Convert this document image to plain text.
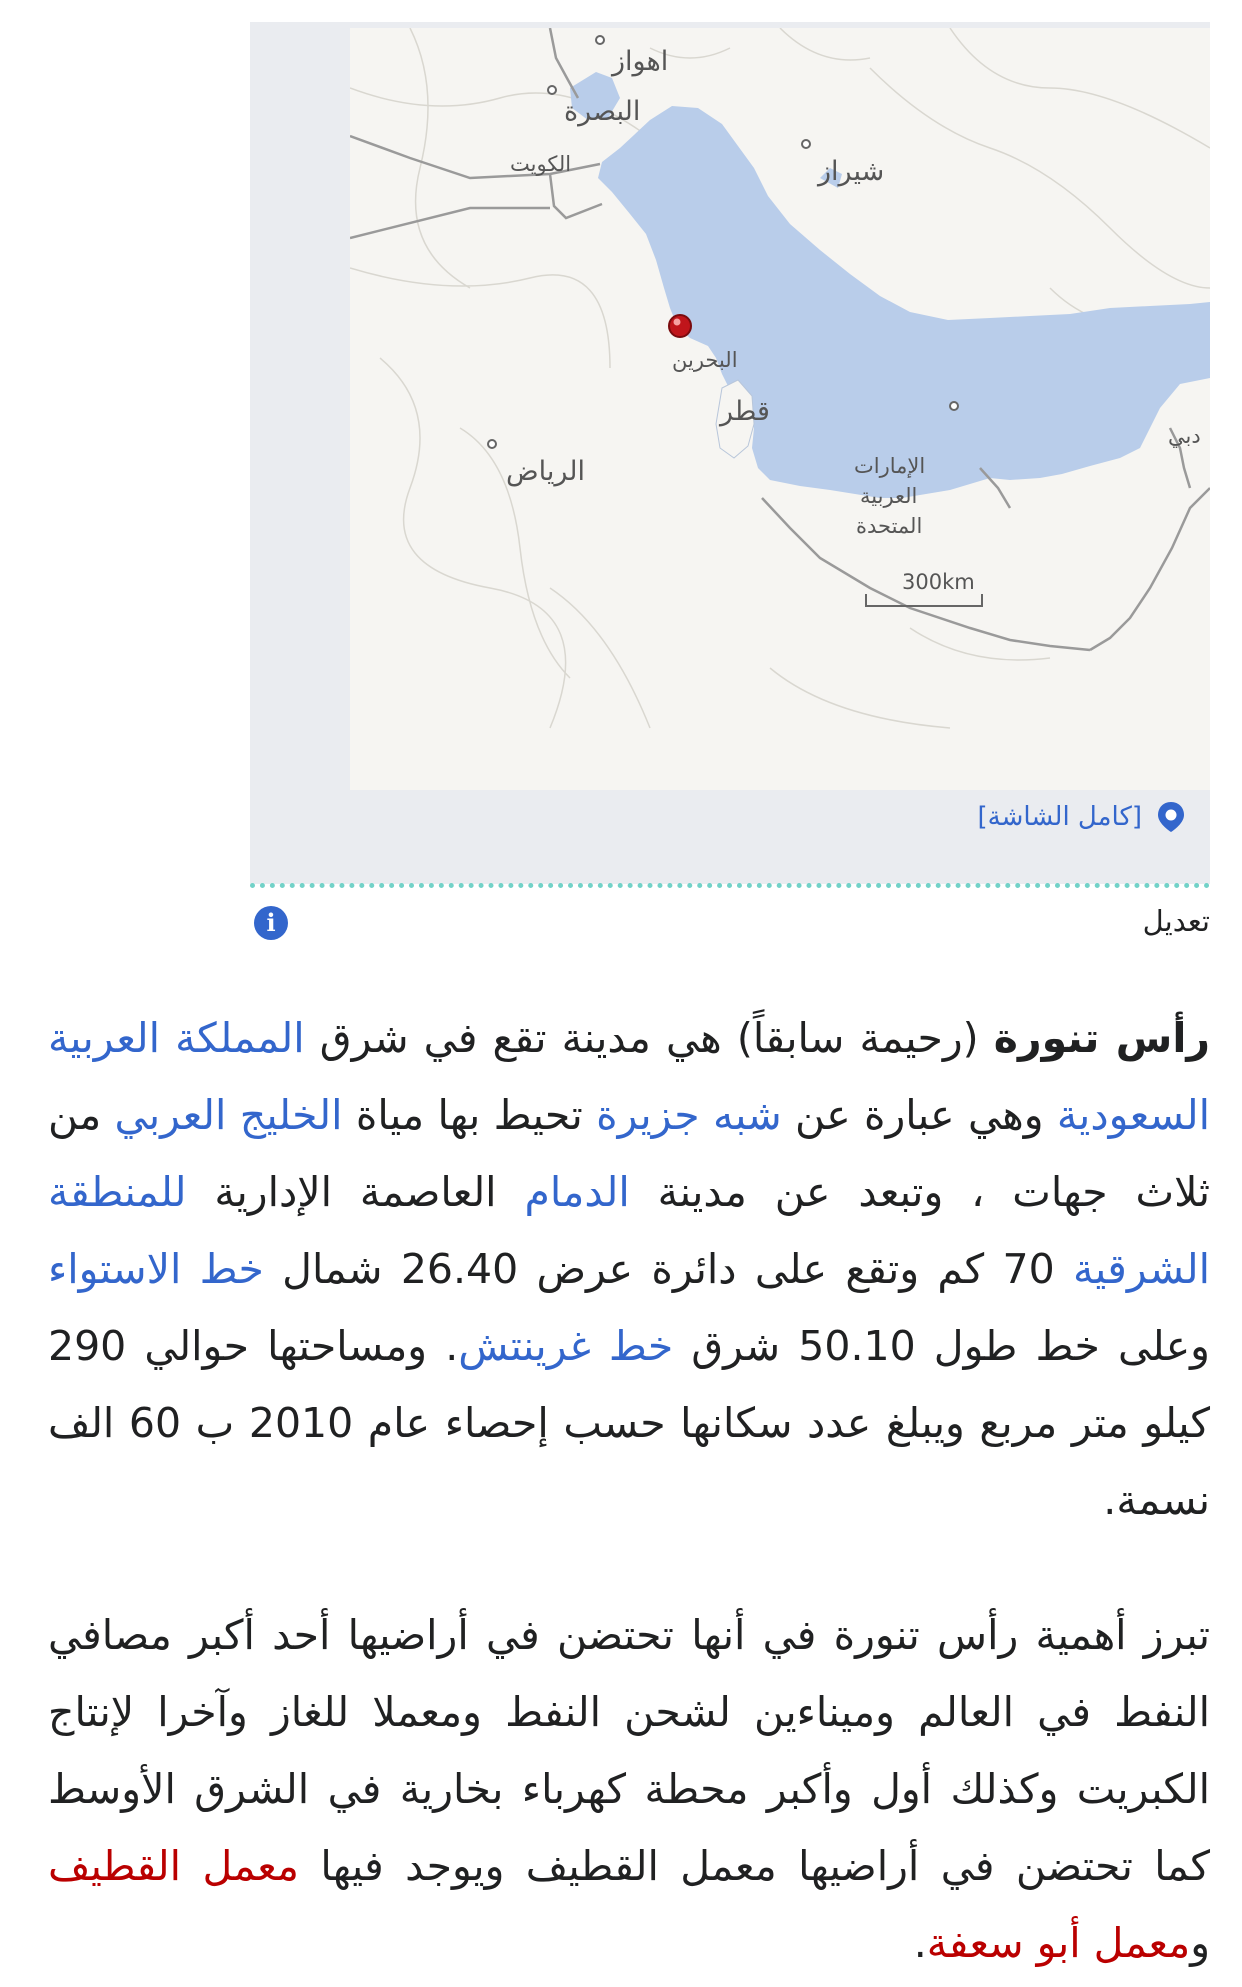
اهواز
البصرة
الكويت	شيراز
البحرين
قطر
الرياض
دبي
الإمارات
العربية
المتحدة
300km
[كامل الشاشة]
تعديل
i

رأس تنورة (رحيمة سابقاً) هي مدينة تقع في شرق المملكة العربية السعودية وهي عبارة عن شبه جزيرة تحيط بها مياة الخليج العربي من ثلاث جهات ، وتبعد عن مدينة الدمام العاصمة الإدارية للمنطقة الشرقية 70 كم وتقع على دائرة عرض 26.40 شمال خط الاستواء وعلى خط طول 50.10 شرق خط غرينتش. ومساحتها حوالي 290 كيلو متر مربع ويبلغ عدد سكانها حسب إحصاء عام 2010 ب 60 الف نسمة.

تبرز أهمية رأس تنورة في أنها تحتضن في أراضيها أحد أكبر مصافي النفط في العالم وميناءين لشحن النفط ومعملا للغاز وآخرا لإنتاج الكبريت وكذلك أول وأكبر محطة كهرباء بخارية في الشرق الأوسط كما تحتضن في أراضيها معمل القطيف ويوجد فيها معمل القطيف ومعمل أبو سعفة.
